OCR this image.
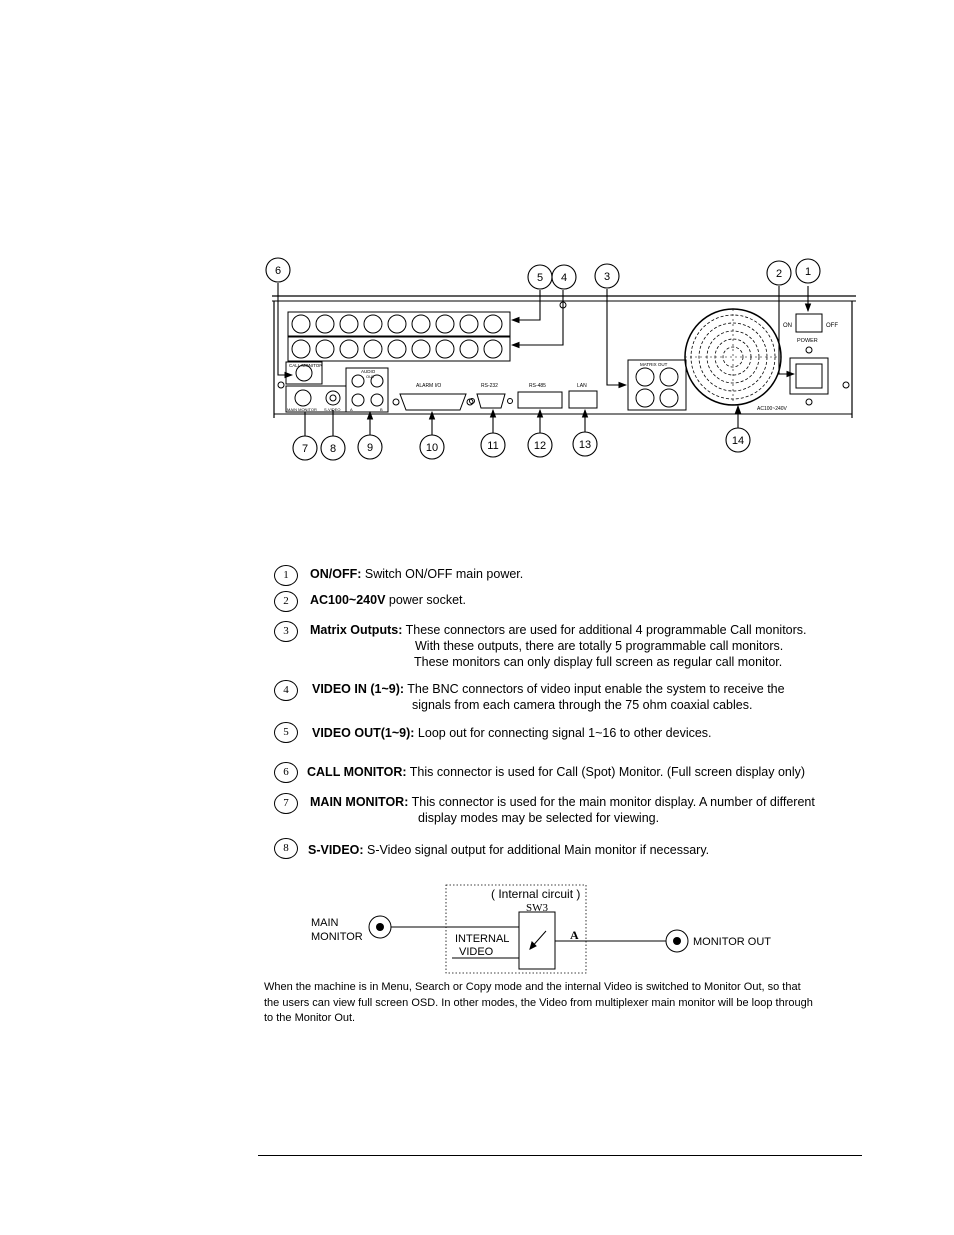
CALL MONITOR
MAIN MONITOR S-VIDEO
AUDIO
OUT
A	B
ALARM I/O	RS-232	RS-485	LAN
MATRIX OUT
AC100~240V
ON	OFF
POWER
6
5 4	3	2 1
7 8	9	10	11	12	13	14
1	ON/OFF: Switch ON/OFF main power.
2	AC100~240V power socket.
3	Matrix Outputs: These connectors are used for additional 4 programmable Call monitors.
With these outputs, there are totally 5 programmable call monitors.
These monitors can only display full screen as regular call monitor.
4	VIDEO IN (1~9): The BNC connectors of video input enable the system to receive the
signals from each camera through the 75 ohm coaxial cables.
5	VIDEO OUT(1~9): Loop out for connecting signal 1~16 to other devices.
6	CALL MONITOR: This connector is used for Call (Spot) Monitor. (Full screen display only)
7	MAIN MONITOR: This connector is used for the main monitor display. A number of different
display modes may be selected for viewing.
8	S-VIDEO: S-Video signal output for additional Main monitor if necessary.
( Internal circuit )
SW3
MAIN
MONITOR	INTERNAL
VIDEO
A	MONITOR OUT
When the machine is in Menu, Search or Copy mode and the internal Video is switched to Monitor Out, so that
the users can view full screen OSD. In other modes, the Video from multiplexer main monitor will be loop through
to the Monitor Out.
